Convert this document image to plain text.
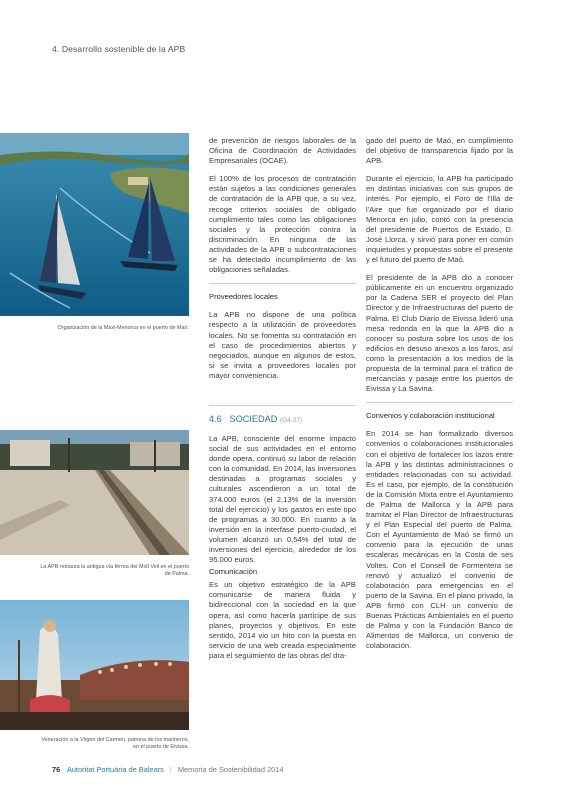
4. Desarrollo sostenible de la APB
Organización de la Maxi-Menorca en el puerto de Maó.
La APB restaura la antigua vía férrea del Moll Vell en el puerto de Palma.
Veneración a la Virgen del Carmen, patrona de los marineros, en el puerto de Eivissa.

de prevención de riesgos laborales de la Oficina de Coordinación de Actividades Empresariales (OCAE).

El 100% de los procesos de contratación están sujetos a las condiciones generales de contratación de la APB que, a su vez, recoge criterios sociales de obligado cumplimiento tales como las obligaciones sociales y la protección contra la discriminación. En ninguna de las actividades de la APB o subcontrataciones se ha detectado incumplimiento de las obligaciones señaladas.

Proveedores locales

La APB no dispone de una política respecto a la utilización de proveedores locales. No se fomenta su contratación en el caso de procedimientos abiertos y negociados, aunque en algunos de estos, si se invita a proveedores locales por mayor conveniencia.

4.6 SOCIEDAD (G4-27)

La APB, consciente del enorme impacto social de sus actividades en el entorno donde opera, continuó su labor de relación con la comunidad. En 2014, las inversiones destinadas a programas sociales y culturales ascendieron a un total de 374.000 euros (el 2,13% de la inversión total del ejercicio) y los gastos en este tipo de programas a 30.000. En cuanto a la inversión en la interfase puerto-ciudad, el volumen alcanzó un 0,54% del total de inversiones del ejercicio, alrededor de los 95.000 euros.

Comunicación

Es un objetivo estratégico de la APB comunicarse de manera fluida y bidireccional con la sociedad en la que opera, así como hacerla partícipe de sus planes, proyectos y objetivos. En este sentido, 2014 vio un hito con la puesta en servicio de una web creada especialmente para el seguimiento de las obras del dra-

gado del puerto de Maó, en cumplimiento del objetivo de transparencia fijado por la APB.

Durante el ejercicio, la APB ha participado en distintas iniciativas con sus grupos de interés. Por ejemplo, el Foro de l'Illa de l'Aire que fue organizado por el diario Menorca en julio, contó con la presencia del presidente de Puertos de Estado, D. José Llorca, y sirvió para poner en común inquietudes y propuestas sobre el presente y el futuro del puerto de Maó.

El presidente de la APB dio a conocer públicamente en un encuentro organizado por la Cadena SER el proyecto del Plan Director y de Infraestructuras del puerto de Palma. El Club Diario de Eivissa lideró una mesa redonda en la que la APB dio a conocer su postura sobre los usos de los edificios en desuso anexos a los faros, así como la presentación a los medios de la propuesta de la terminal para el tráfico de mercancías y pasaje entre los puertos de Eivissa y La Savina.

Convenios y colaboración institucional

En 2014 se han formalizado diversos convenios o colaboraciones institucionales con el objetivo de fortalecer los lazos entre la APB y las distintas administraciones o entidades relacionadas con su actividad. Es el caso, por ejemplo, de la constitución de la Comisión Mixta entre el Ayuntamiento de Palma de Mallorca y la APB para tramitar el Plan Director de Infraestructuras y el Plan Especial del puerto de Palma. Con el Ayuntamiento de Maó se firmó un convenio para la ejecución de unas escaleras mecánicas en la Costa de ses Voltes. Con el Consell de Formentera se renovó y actualizó el convenio de colaboración para emergencias en el puerto de la Savina. En el plano privado, la APB firmó con CLH un convenio de Buenas Prácticas Ambientales en el puerto de Palma y con la Fundación Banco de Alimentos de Mallorca, un convenio de colaboración.

76 Autoritat Portuària de Balears | Memoria de Sostenibilidad 2014
